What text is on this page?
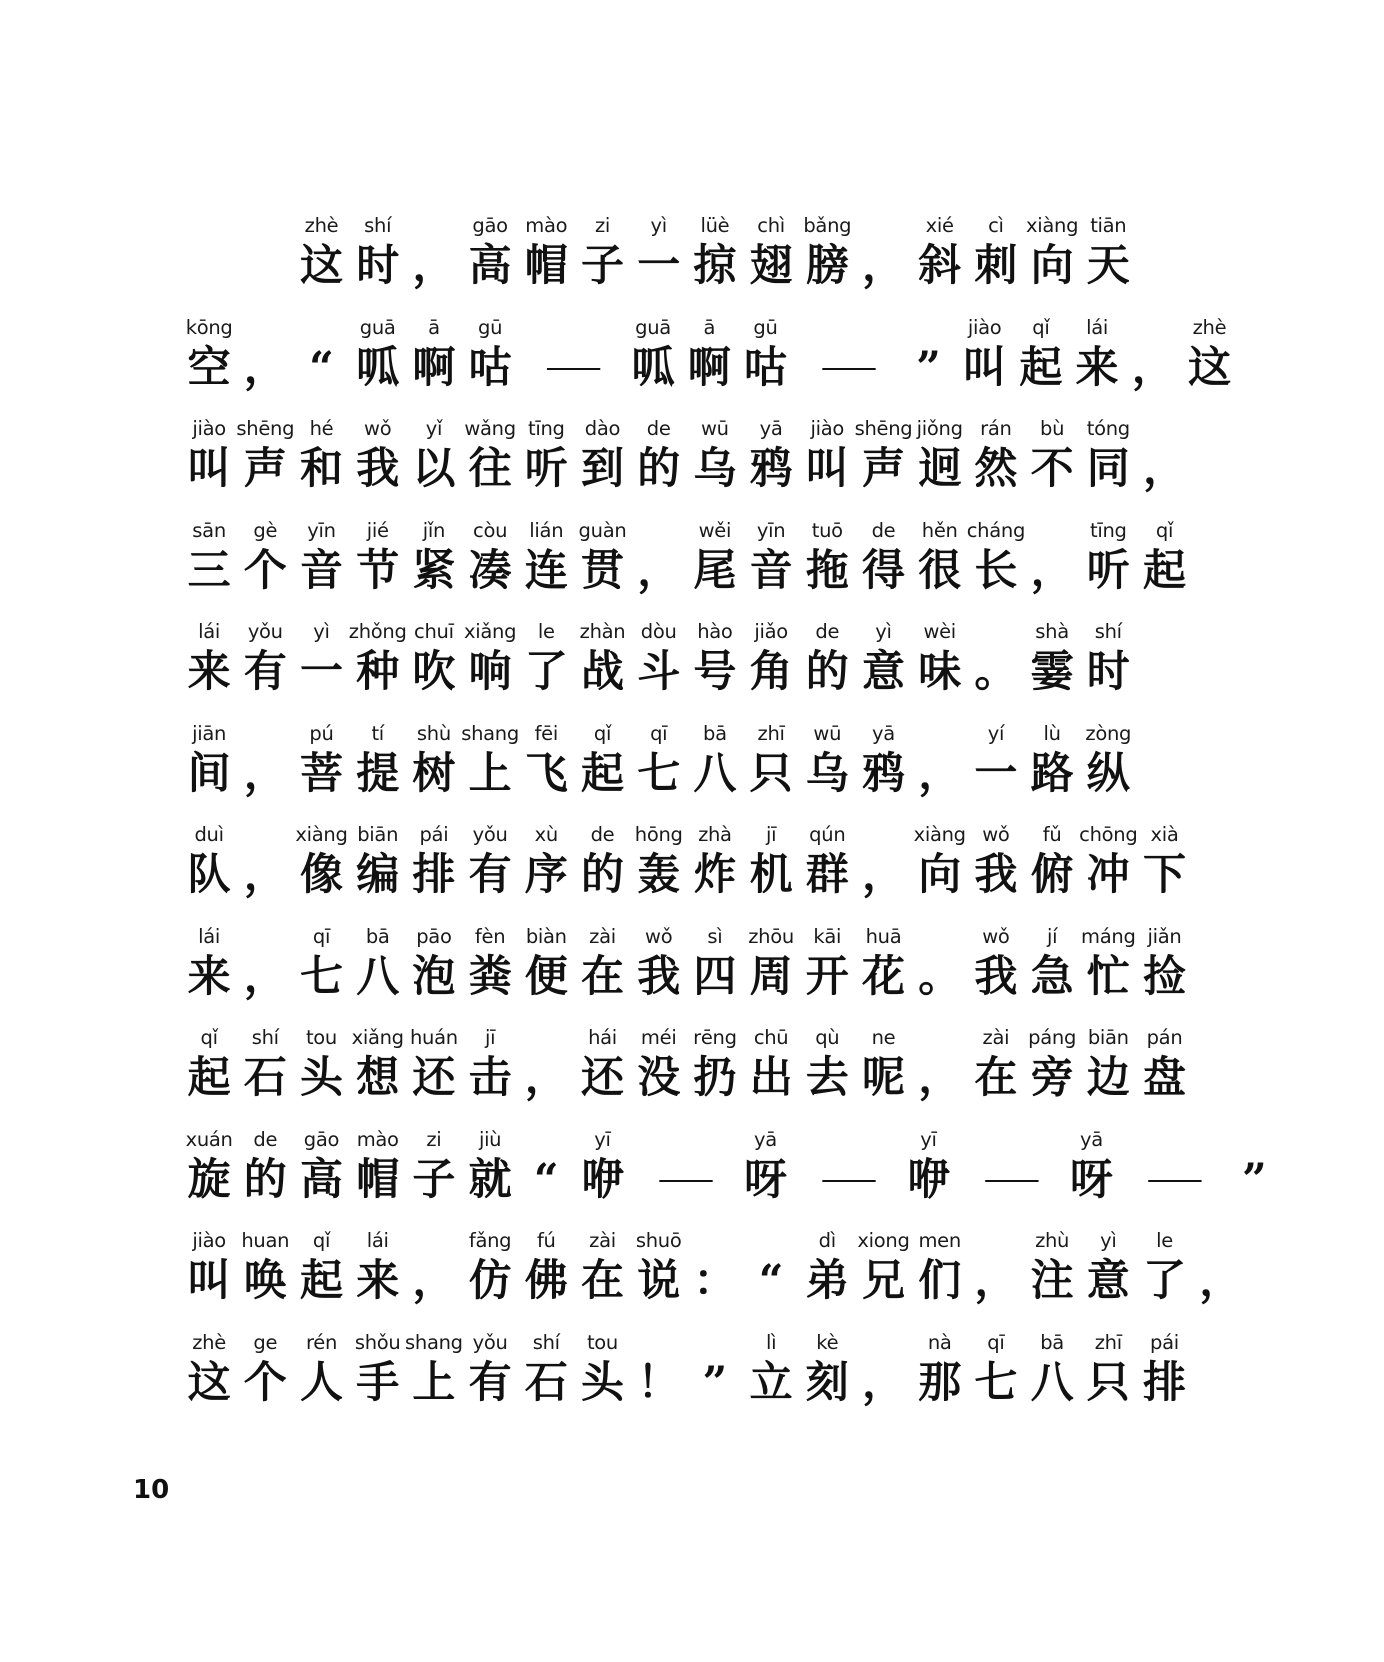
zhè
这
shí
时 ，
gāo
高
mào
帽
zi
子
yì
一
lüè
掠
chì
翅
bǎng
膀 ，
xié
斜
cì
刺
xiàng
向
tiān
天
kōng
空 ， “
guā
呱
ā
啊
gū
咕	——
guā
呱
ā
啊
gū
咕	——	”
jiào
叫
qǐ
起
lái
来 ，
zhè
这
jiào
叫
shēng
声
hé
和
wǒ
我
yǐ
以
wǎng
往
tīng
听
dào
到
de
的
wū
乌
yā
鸦
jiào
叫
shēng
声
jiǒng
迥
rán
然
bù
不
tóng
同 ，
sān
三
gè
个
yīn
音
jié
节
jǐn
紧
còu
凑
lián
连
guàn
贯 ，
wěi
尾
yīn
音
tuō
拖
de
得
hěn
很
cháng
长 ，
tīng
听
qǐ
起
lái
来
yǒu
有
yì
一
zhǒng
种
chuī
吹
xiǎng
响
le
了
zhàn
战
dòu
斗
hào
号
jiǎo
角
de
的
yì
意
wèi
味 。
shà
霎
shí
时
jiān
间 ，
pú
菩
tí
提
shù
树
shang
上
fēi
飞
qǐ
起
qī
七
bā
八
zhī
只
wū
乌
yā
鸦 ，
yí
一
lù
路
zòng
纵
duì
队 ，
xiàng
像
biān
编
pái
排
yǒu
有
xù
序
de
的
hōng
轰
zhà
炸
jī
机
qún
群 ，
xiàng
向
wǒ
我
fǔ
俯
chōng
冲
xià
下
lái
来 ，
qī
七
bā
八
pāo
泡
fèn
粪
biàn
便
zài
在
wǒ
我
sì
四
zhōu
周
kāi
开
huā
花 。
wǒ
我
jí
急
máng
忙
jiǎn
捡
qǐ
起
shí
石
tou
头
xiǎng
想
huán
还
jī
击 ，
hái
还
méi
没
rēng
扔
chū
出
qù
去
ne
呢 ，
zài
在
páng
旁
biān
边
pán
盘
xuán
旋
de
的
gāo
高
mào
帽
zi
子
jiù
就 “
yī
咿	——
yā
呀	——
yī
咿	——
yā
呀	——	”
jiào
叫
huan
唤
qǐ
起
lái
来 ，
fǎng
仿
fú
佛
zài
在
shuō
说 ： “
dì
弟
xiong
兄
men
们 ，
zhù
注
yì
意
le
了 ，
zhè
这
ge
个
rén
人
shǒu
手
shang
上
yǒu
有
shí
石
tou
头 ！ ”
lì
立
kè
刻 ，
nà
那
qī
七
bā
八
zhī
只
pái
排
10
